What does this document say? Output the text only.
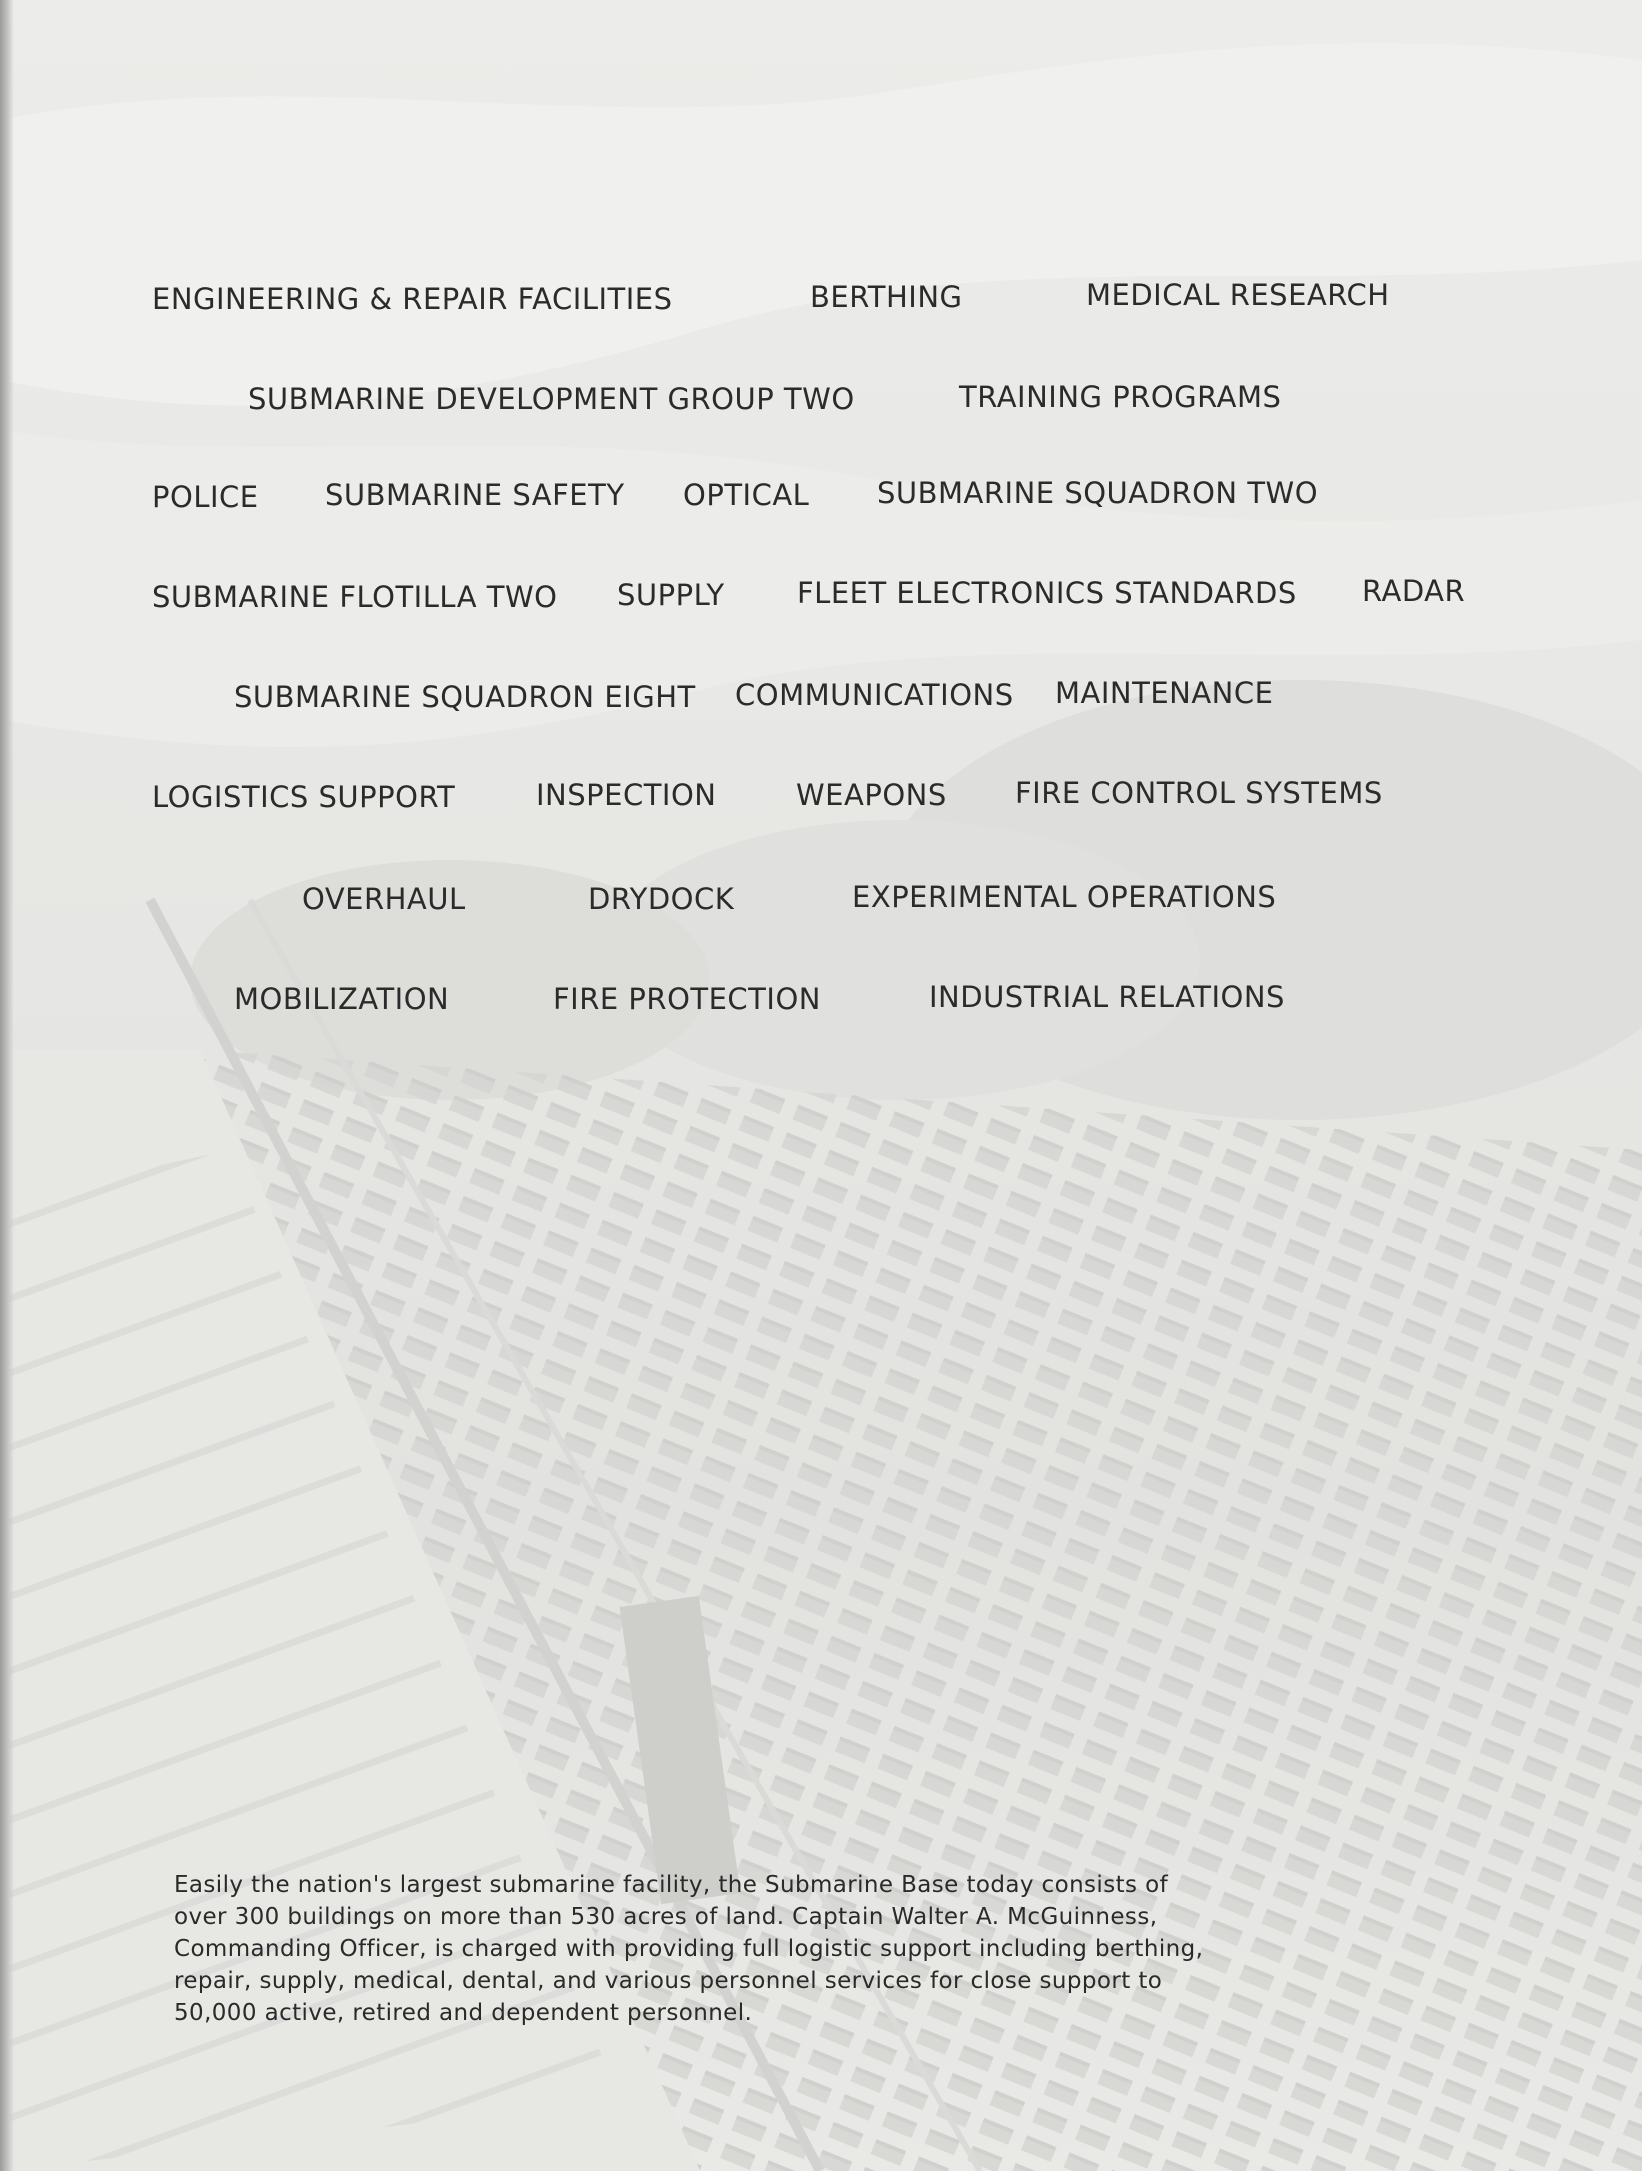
ENGINEERING & REPAIR FACILITIES	BERTHING	MEDICAL RESEARCH
SUBMARINE DEVELOPMENT GROUP TWO	TRAINING PROGRAMS
POLICE SUBMARINE SAFETY OPTICAL SUBMARINE SQUADRON TWO
SUBMARINE FLOTILLA TWO SUPPLY FLEET ELECTRONICS STANDARDS RADAR
SUBMARINE SQUADRON EIGHT COMMUNICATIONS MAINTENANCE
LOGISTICS SUPPORT	INSPECTION	WEAPONS FIRE CONTROL SYSTEMS
OVERHAUL	DRYDOCK	EXPERIMENTAL OPERATIONS
MOBILIZATION	FIRE PROTECTION	INDUSTRIAL RELATIONS
Easily the nation's largest submarine facility, the Submarine Base today consists of
over 300 buildings on more than 530 acres of land. Captain Walter A. McGuinness,
Commanding Officer, is charged with providing full logistic support including berthing,
repair, supply, medical, dental, and various personnel services for close support to
50,000 active, retired and dependent personnel.
